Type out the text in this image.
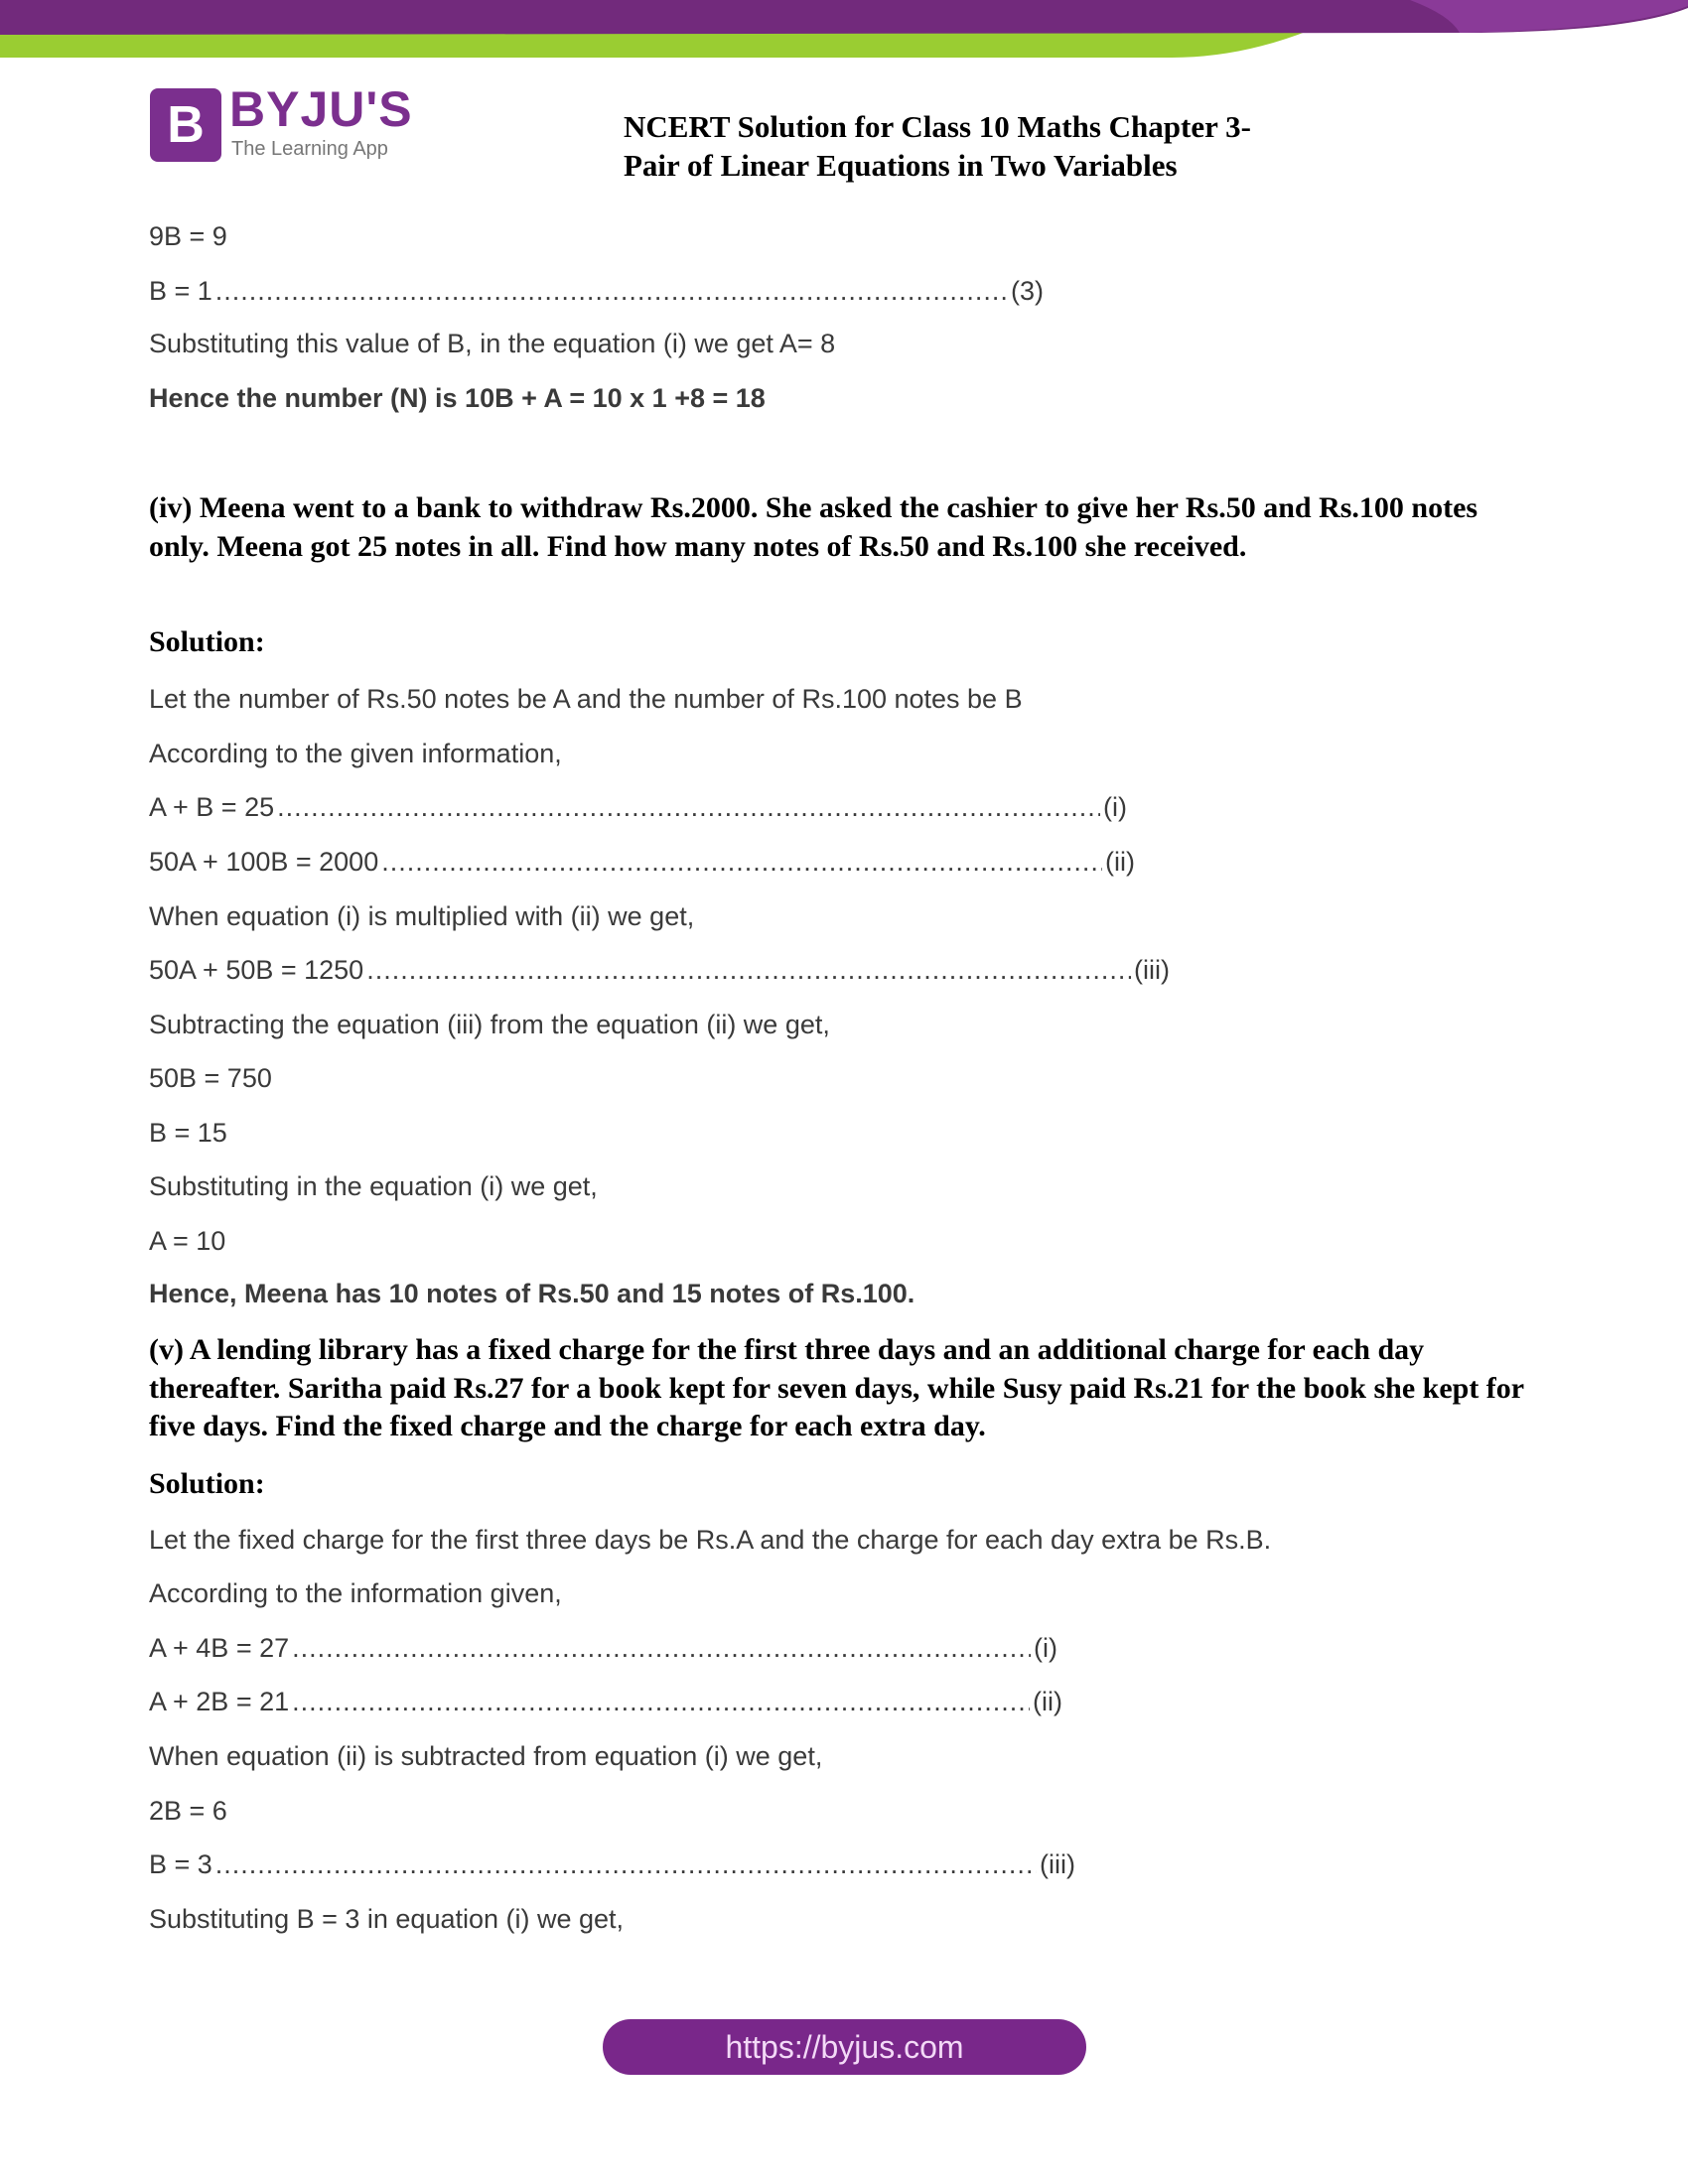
B BYJU'S
The Learning App
NCERT Solution for Class 10 Maths Chapter 3-
Pair of Linear Equations in Two Variables
9B = 9
B = 1 .....	(3)
Substituting this value of B, in the equation (i) we get A= 8
Hence the number (N) is 10B + A = 10 x 1 +8 = 18
(iv) Meena went to a bank to withdraw Rs.2000. She asked the cashier to give her Rs.50 and Rs.100 notes only. Meena got 25 notes in all. Find how many notes of Rs.50 and Rs.100 she received.
Solution:
Let the number of Rs.50 notes be A and the number of Rs.100 notes be B
According to the given information,
A + B = 25 .....	(i)
50A + 100B = 2000 .....	(ii)
When equation (i) is multiplied with (ii) we get,
50A + 50B = 1250 .....	(iii)
Subtracting the equation (iii) from the equation (ii) we get,
50B = 750
B = 15
Substituting in the equation (i) we get,
A = 10
Hence, Meena has 10 notes of Rs.50 and 15 notes of Rs.100.
(v) A lending library has a fixed charge for the first three days and an additional charge for each day thereafter. Saritha paid Rs.27 for a book kept for seven days, while Susy paid Rs.21 for the book she kept for five days. Find the fixed charge and the charge for each extra day.
Solution:
Let the fixed charge for the first three days be Rs.A and the charge for each day extra be Rs.B.
According to the information given,
A + 4B = 27 .....	(i)
A + 2B = 21 .....	(ii)
When equation (ii) is subtracted from equation (i) we get,
2B = 6
B = 3 .....	(iii)
Substituting B = 3 in equation (i) we get,
https://byjus.com
